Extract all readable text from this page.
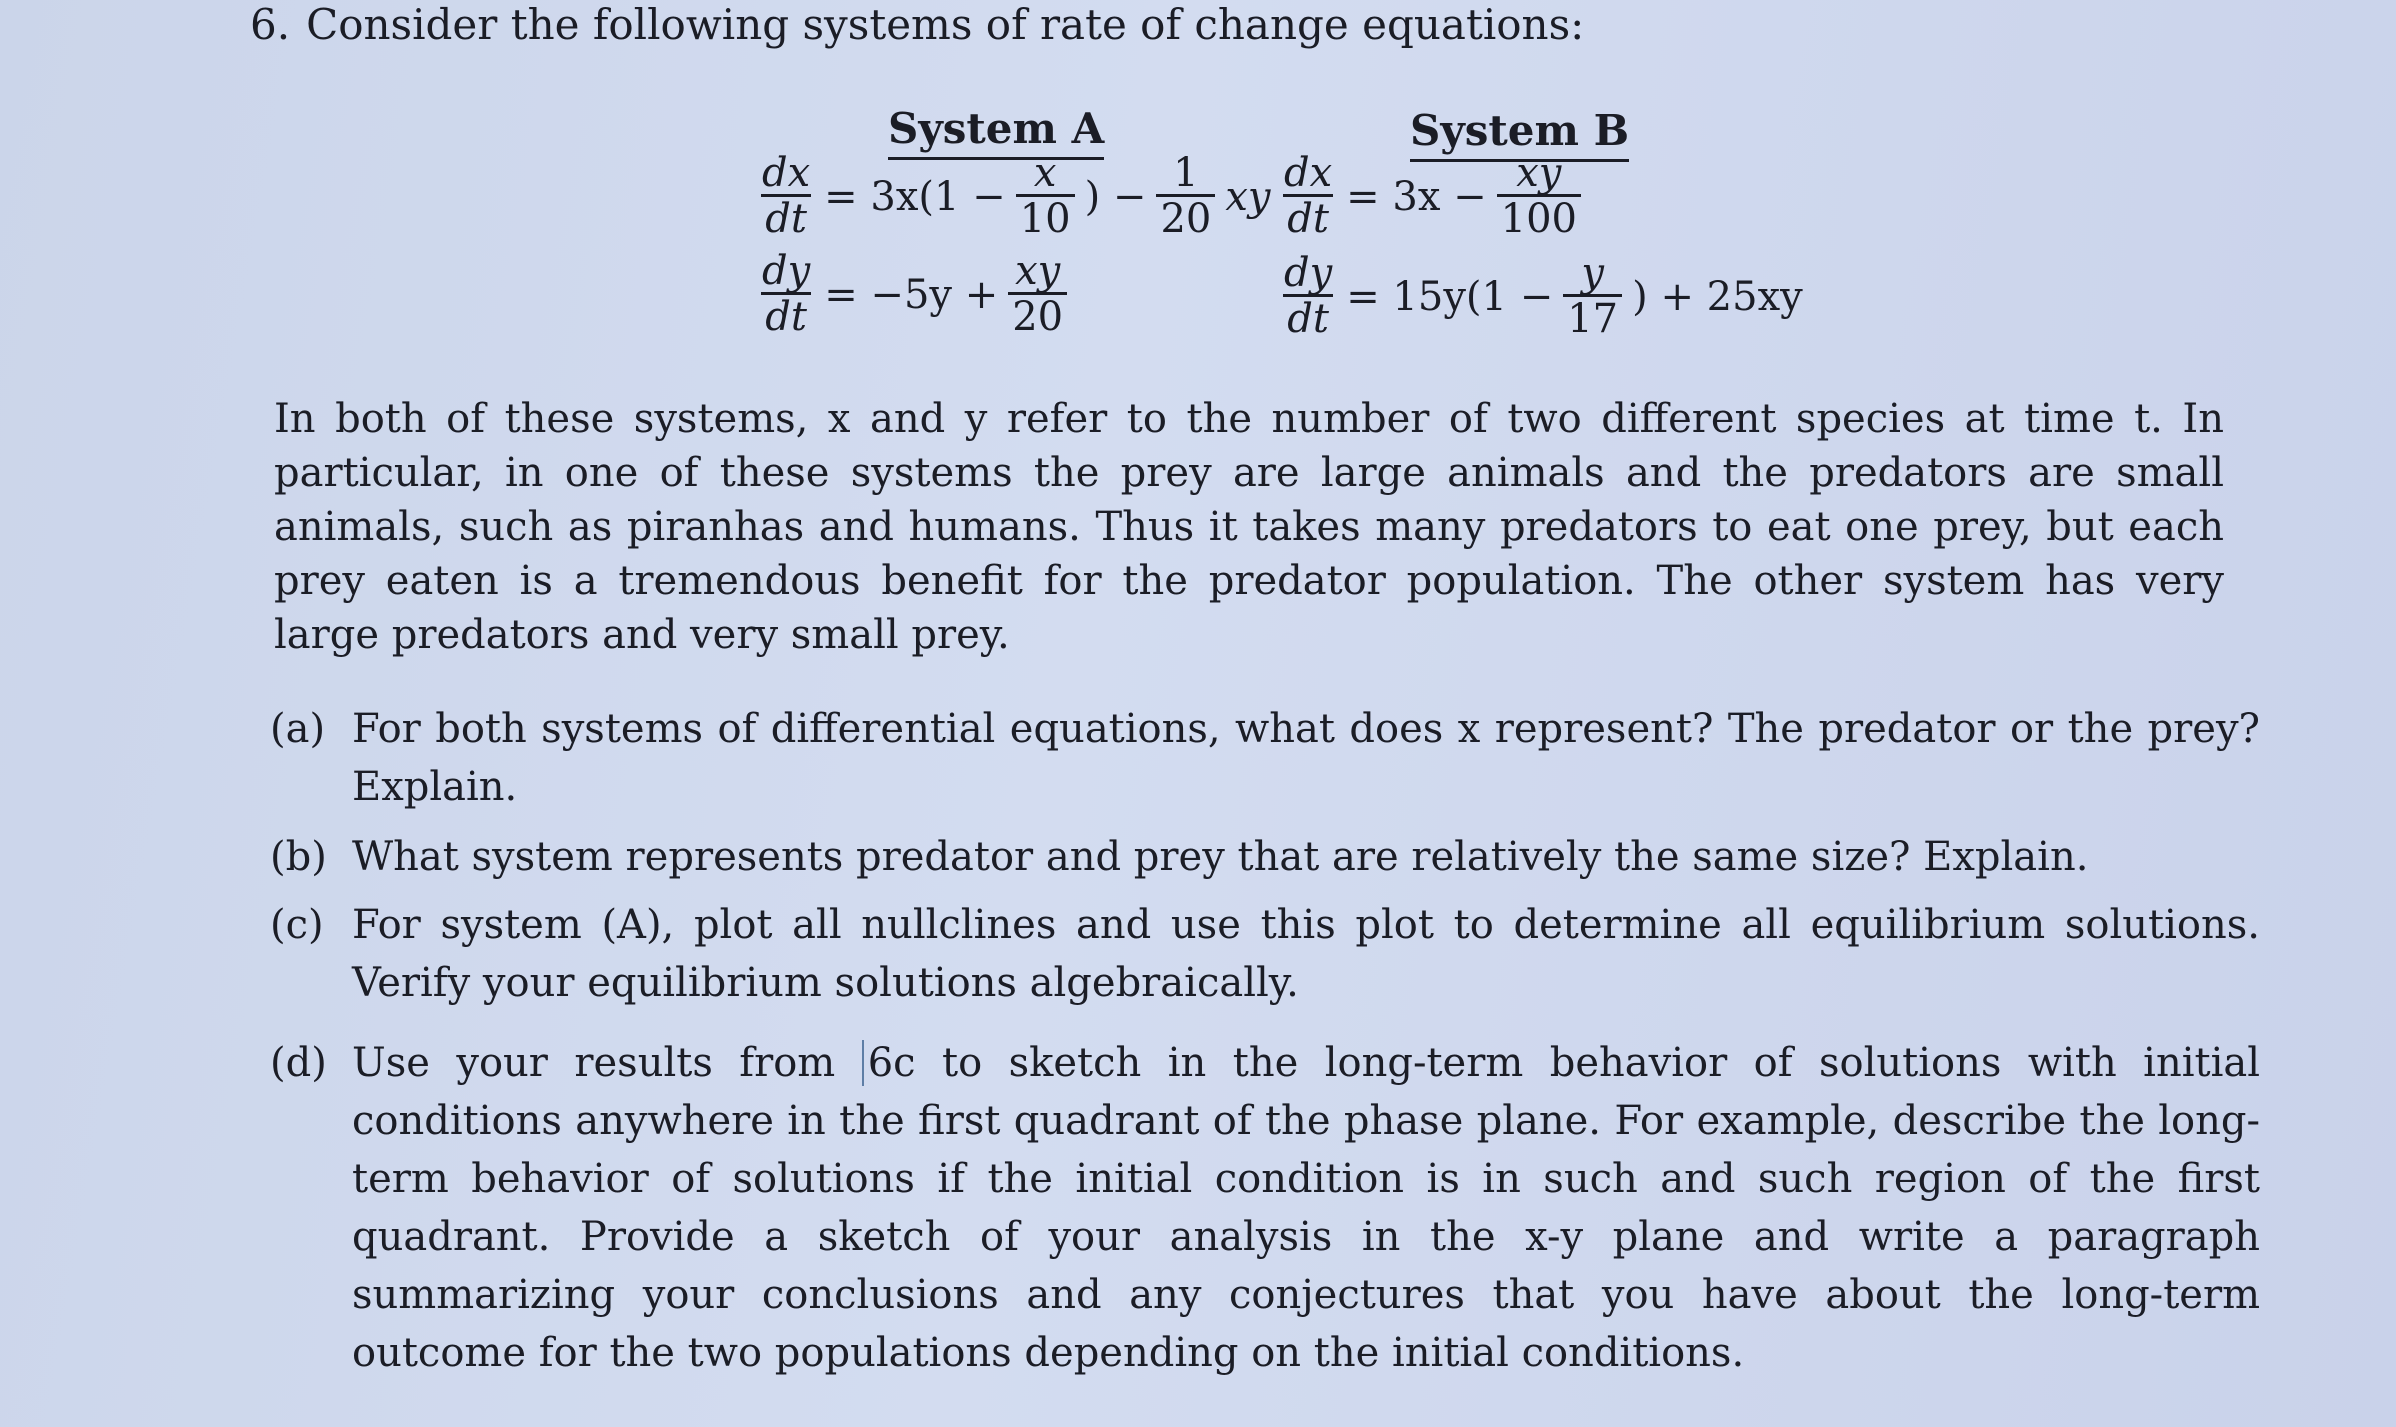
6. Consider the following systems of rate of change equations:
System A	System B
$\frac{dx}{dt} = 3x(1 - \frac{x}{10}$ ) − $\frac{1}{20}$ xy
$\frac{dy}{dt} = -5y + \frac{xy}{20}$
$\frac{dx}{dt} = 3x - \frac{xy}{100}$
$\frac{dy}{dt} = 15y(1 - \frac{y}{17}$ ) + 25xy
In both of these systems, x and y refer to the number of two different species at time t. In particular, in one of these systems the prey are large animals and the predators are small animals, such as piranhas and humans. Thus it takes many predators to eat one prey, but each prey eaten is a tremendous benefit for the predator population. The other system has very large predators and very small prey.
(a) For both systems of differential equations, what does x represent? The predator or the prey? Explain.
(b) What system represents predator and prey that are relatively the same size? Explain.
(c) For system (A), plot all nullclines and use this plot to determine all equilibrium solutions. Verify your equilibrium solutions algebraically.
(d) Use your results from 6c to sketch in the long-term behavior of solutions with initial conditions anywhere in the first quadrant of the phase plane. For example, describe the long-term behavior of solutions if the initial condition is in such and such region of the first quadrant. Provide a sketch of your analysis in the x-y plane and write a paragraph summarizing your conclusions and any conjectures that you have about the long-term outcome for the two populations depending on the initial conditions.
